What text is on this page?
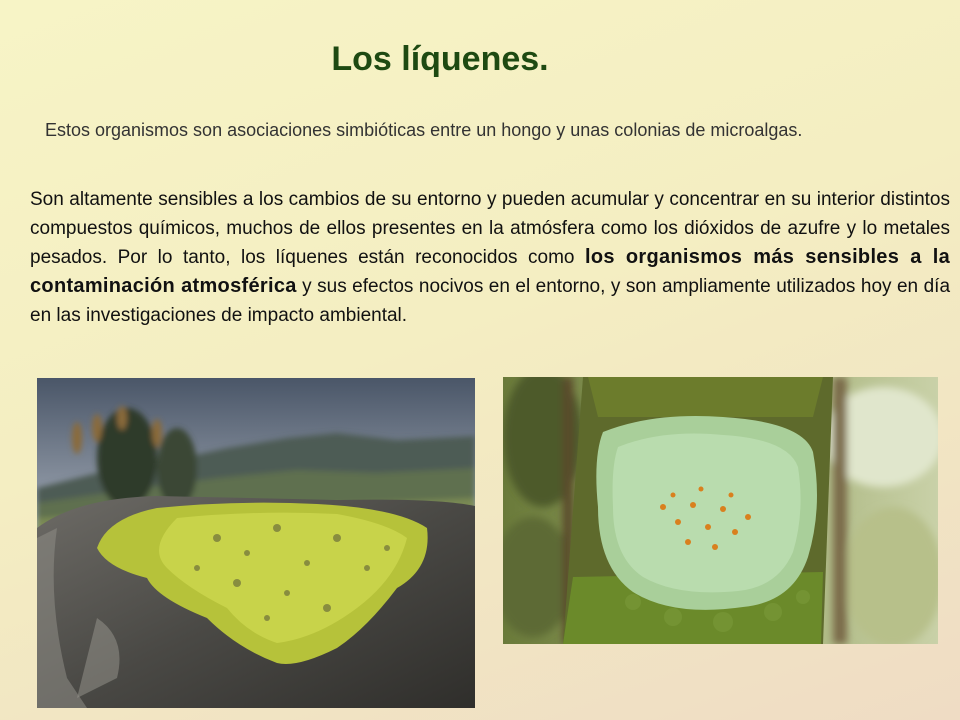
Los líquenes.
Estos organismos son asociaciones simbióticas entre un hongo y unas colonias de microalgas.
Son altamente sensibles a los cambios de su entorno y pueden acumular y concentrar en su interior distintos compuestos químicos, muchos de ellos presentes en la atmósfera como los dióxidos de azufre y lo metales pesados. Por lo tanto, los líquenes están reconocidos como los organismos más sensibles a la contaminación atmosférica y sus efectos nocivos en el entorno, y son ampliamente utilizados hoy en día en las investigaciones de impacto ambiental.
